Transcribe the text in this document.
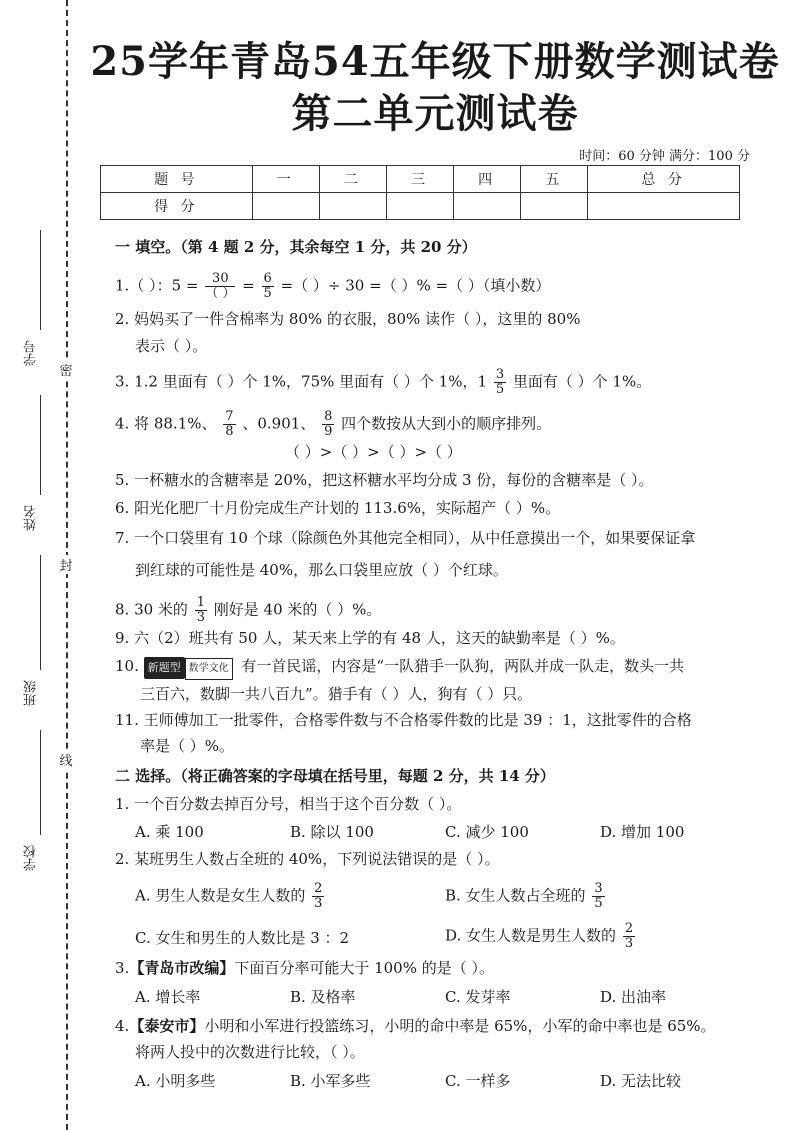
学号
姓名
班级
学校
密
封
线
25学年青岛54五年级下册数学测试卷
第二单元测试卷
时间：60 分钟 满分：100 分
题 号	一	二	三	四	五	总 分
得 分						
一 填空。（第 4 题 2 分，其余每空 1 分，共 20 分）
1.（ ）：$5 = \frac{30}{( )} = \frac{6}{5}$ =（ ）÷ 30 =（ ）% =（ ）（填小数）
2. 妈妈买了一件含棉率为 80% 的衣服，80% 读作（ ），这里的 80%
表示（ ）。
3. 1.2 里面有（ ）个 1%，75% 里面有（ ）个 1%，$1 \frac{3}{5}$ 里面有（ ）个 1%。
4. 将 88.1%、 $\frac{7}{8}$ 、0.901、 $\frac{8}{9}$ 四个数按从大到小的顺序排列。
（ ）>（ ）>（ ）>（ ）
5. 一杯糖水的含糖率是 20%，把这杯糖水平均分成 3 份，每份的含糖率是（ ）。
6. 阳光化肥厂十月份完成生产计划的 113.6%，实际超产（ ）%。
7. 一个口袋里有 10 个球（除颜色外其他完全相同），从中任意摸出一个，如果要保证拿
到红球的可能性是 40%，那么口袋里应放（ ）个红球。
8. 30 米的 $\frac{1}{3}$ 刚好是 40 米的（ ）%。
9. 六（2）班共有 50 人，某天来上学的有 48 人，这天的缺勤率是（ ）%。
10. 新题型 数学文化 有一首民谣，内容是“一队猎手一队狗，两队并成一队走，数头一共
三百六，数脚一共八百九”。猎手有（ ）人，狗有（ ）只。
11. 王师傅加工一批零件，合格零件数与不合格零件数的比是 39 ：1，这批零件的合格
率是（ ）%。
二 选择。（将正确答案的字母填在括号里，每题 2 分，共 14 分）
1. 一个百分数去掉百分号，相当于这个百分数（ ）。
A. 乘 100	B. 除以 100	C. 减少 100	D. 增加 100
2. 某班男生人数占全班的 40%，下列说法错误的是（ ）。
A. 男生人数是女生人数的 $\frac{2}{3}$	B. 女生人数占全班的 $\frac{3}{5}$
C. 女生和男生的人数比是 3 ：2	D. 女生人数是男生人数的 $\frac{2}{3}$
3.【青岛市改编】下面百分率可能大于 100% 的是（ ）。
A. 增长率	B. 及格率	C. 发芽率	D. 出油率
4.【泰安市】小明和小军进行投篮练习，小明的命中率是 65%，小军的命中率也是 65%。
将两人投中的次数进行比较，（ ）。
A. 小明多些	B. 小军多些	C. 一样多	D. 无法比较
